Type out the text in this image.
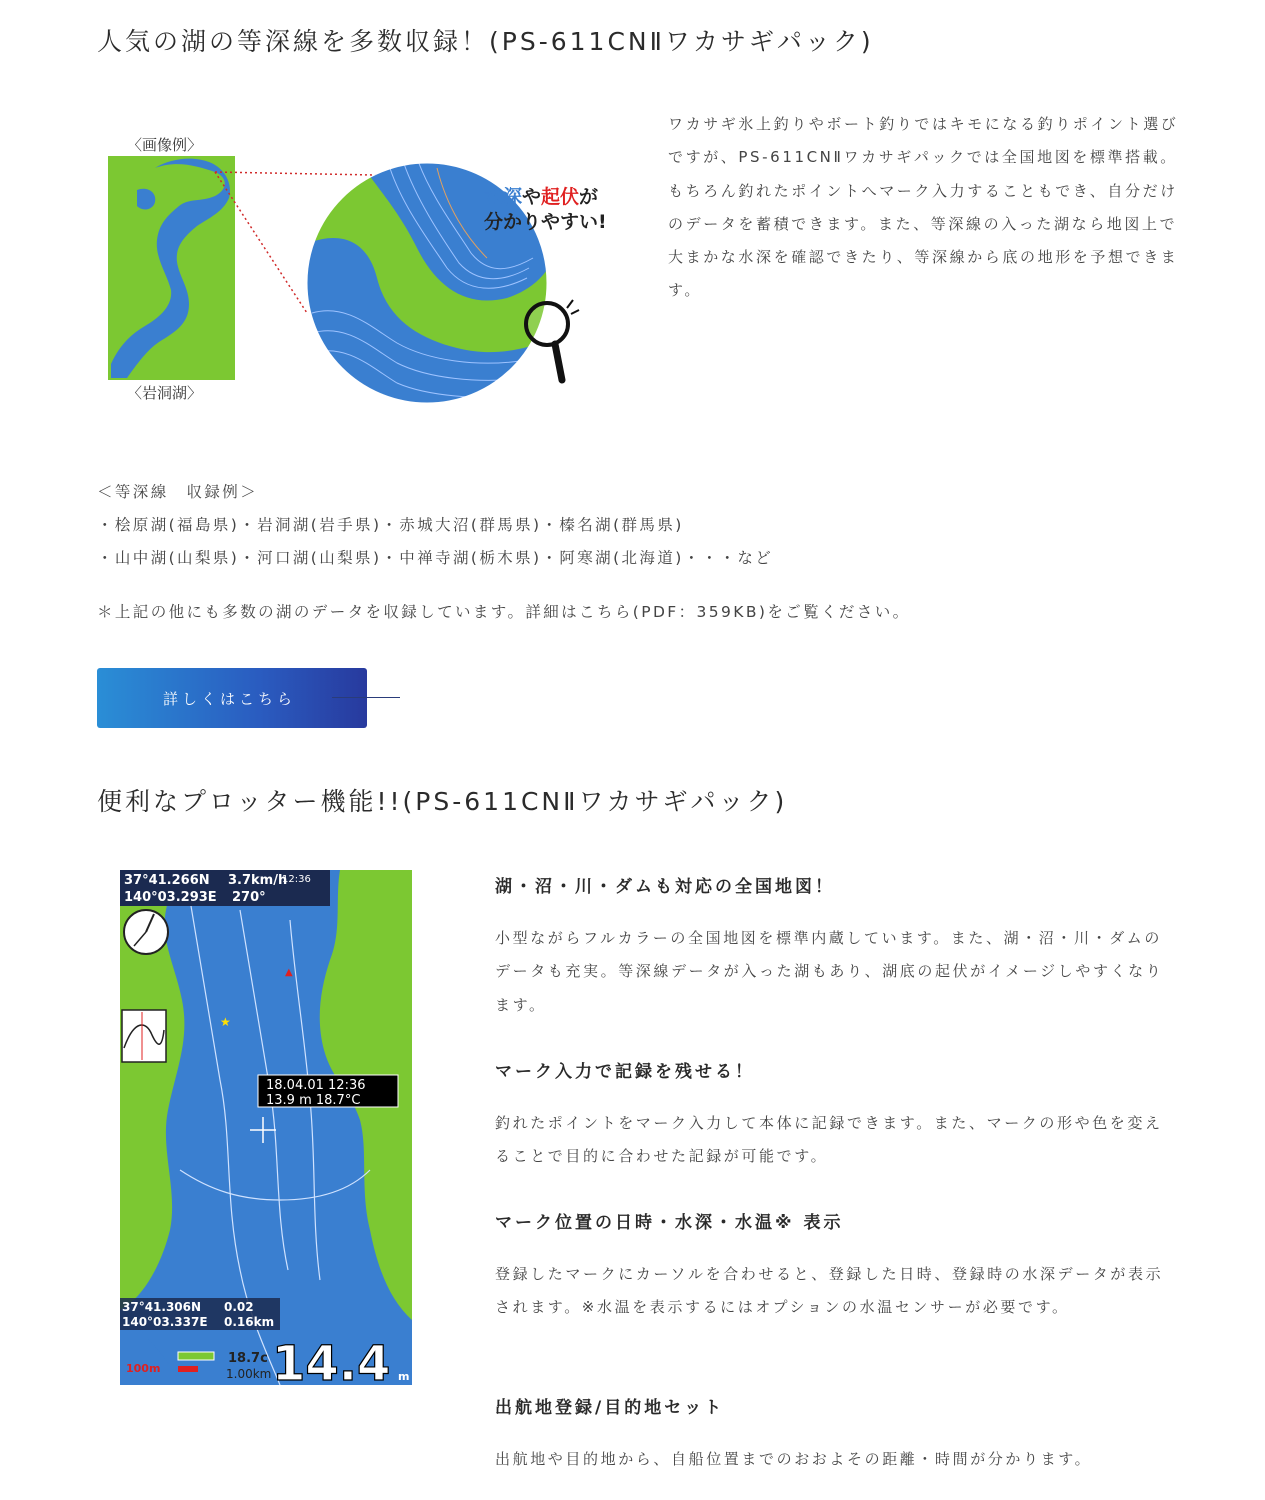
人気の湖の等深線を多数収録！(PS-611CNⅡワカサギパック)
〈画像例〉
〈岩洞湖〉
水深や起伏が
分かりやすい!

ワカサギ氷上釣りやボート釣りではキモになる釣りポイント選びですが、PS-611CNⅡワカサギパックでは全国地図を標準搭載。もちろん釣れたポイントへマーク入力することもでき、自分だけのデータを蓄積できます。また、等深線の入った湖なら地図上で大まかな水深を確認できたり、等深線から底の地形を予想できます。

＜等深線　収録例＞

・桧原湖(福島県)・岩洞湖(岩手県)・赤城大沼(群馬県)・榛名湖(群馬県)

・山中湖(山梨県)・河口湖(山梨県)・中禅寺湖(栃木県)・阿寒湖(北海道)・・・など

＊上記の他にも多数の湖のデータを収録しています。詳細はこちら(PDF：359KB)をご覧ください。

詳しくはこちら
便利なプロッター機能!!(PS-611CNⅡワカサギパック)
37°41.266N
140°03.293E
3.7km/h
270°
12:36
18.04.01 12:36
13.9 m 18.7°C
★
▲
37°41.306N
140°03.337E
0.02
0.16km
100m
18.7c
1.00km 14.4 m
湖・沼・川・ダムも対応の全国地図！

小型ながらフルカラーの全国地図を標準内蔵しています。また、湖・沼・川・ダムのデータも充実。等深線データが入った湖もあり、湖底の起伏がイメージしやすくなります。

マーク入力で記録を残せる！

釣れたポイントをマーク入力して本体に記録できます。また、マークの形や色を変えることで目的に合わせた記録が可能です。

マーク位置の日時・水深・水温※ 表示

登録したマークにカーソルを合わせると、登録した日時、登録時の水深データが表示されます。※水温を表示するにはオプションの水温センサーが必要です。

出航地登録/目的地セット

出航地や目的地から、自船位置までのおおよその距離・時間が分かります。
